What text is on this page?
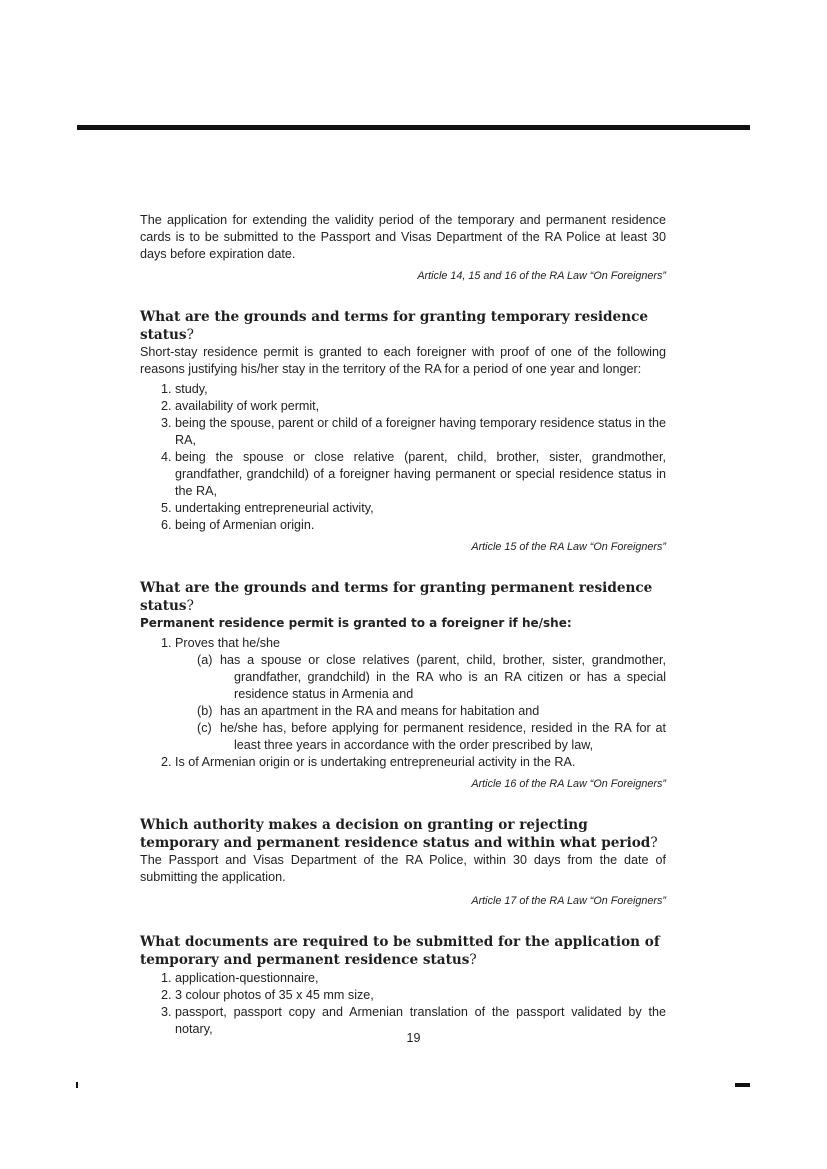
The application for extending the validity period of the temporary and permanent residence cards is to be submitted to the Passport and Visas Department of the RA Police at least 30 days before expiration date.

Article 14, 15 and 16 of the RA Law “On Foreigners”

What are the grounds and terms for granting temporary residence status?

Short-stay residence permit is granted to each foreigner with proof of one of the following reasons justifying his/her stay in the territory of the RA for a period of one year and longer:

1. study,
2. availability of work permit,
3. being the spouse, parent or child of a foreigner having temporary residence status in the RA,
4. being the spouse or close relative (parent, child, brother, sister, grandmother, grandfather, grandchild) of a foreigner having permanent or special residence status in the RA,
5. undertaking entrepreneurial activity,
6. being of Armenian origin.

Article 15 of the RA Law “On Foreigners”

What are the grounds and terms for granting permanent residence status?

Permanent residence permit is granted to a foreigner if he/she:

1. Proves that he/she
(a) has a spouse or close relatives (parent, child, brother, sister, grandmother, grandfather, grandchild) in the RA who is an RA citizen or has a special residence status in Armenia and
(b) has an apartment in the RA and means for habitation and
(c) he/she has, before applying for permanent residence, resided in the RA for at least three years in accordance with the order prescribed by law,
2. Is of Armenian origin or is undertaking entrepreneurial activity in the RA.

Article 16 of the RA Law “On Foreigners”

Which authority makes a decision on granting or rejecting temporary and permanent residence status and within what period?

The Passport and Visas Department of the RA Police, within 30 days from the date of submitting the application.

Article 17 of the RA Law “On Foreigners”

What documents are required to be submitted for the application of temporary and permanent residence status?
1. application-questionnaire,
2. 3 colour photos of 35 x 45 mm size,
3. passport, passport copy and Armenian translation of the passport validated by the notary,
19
